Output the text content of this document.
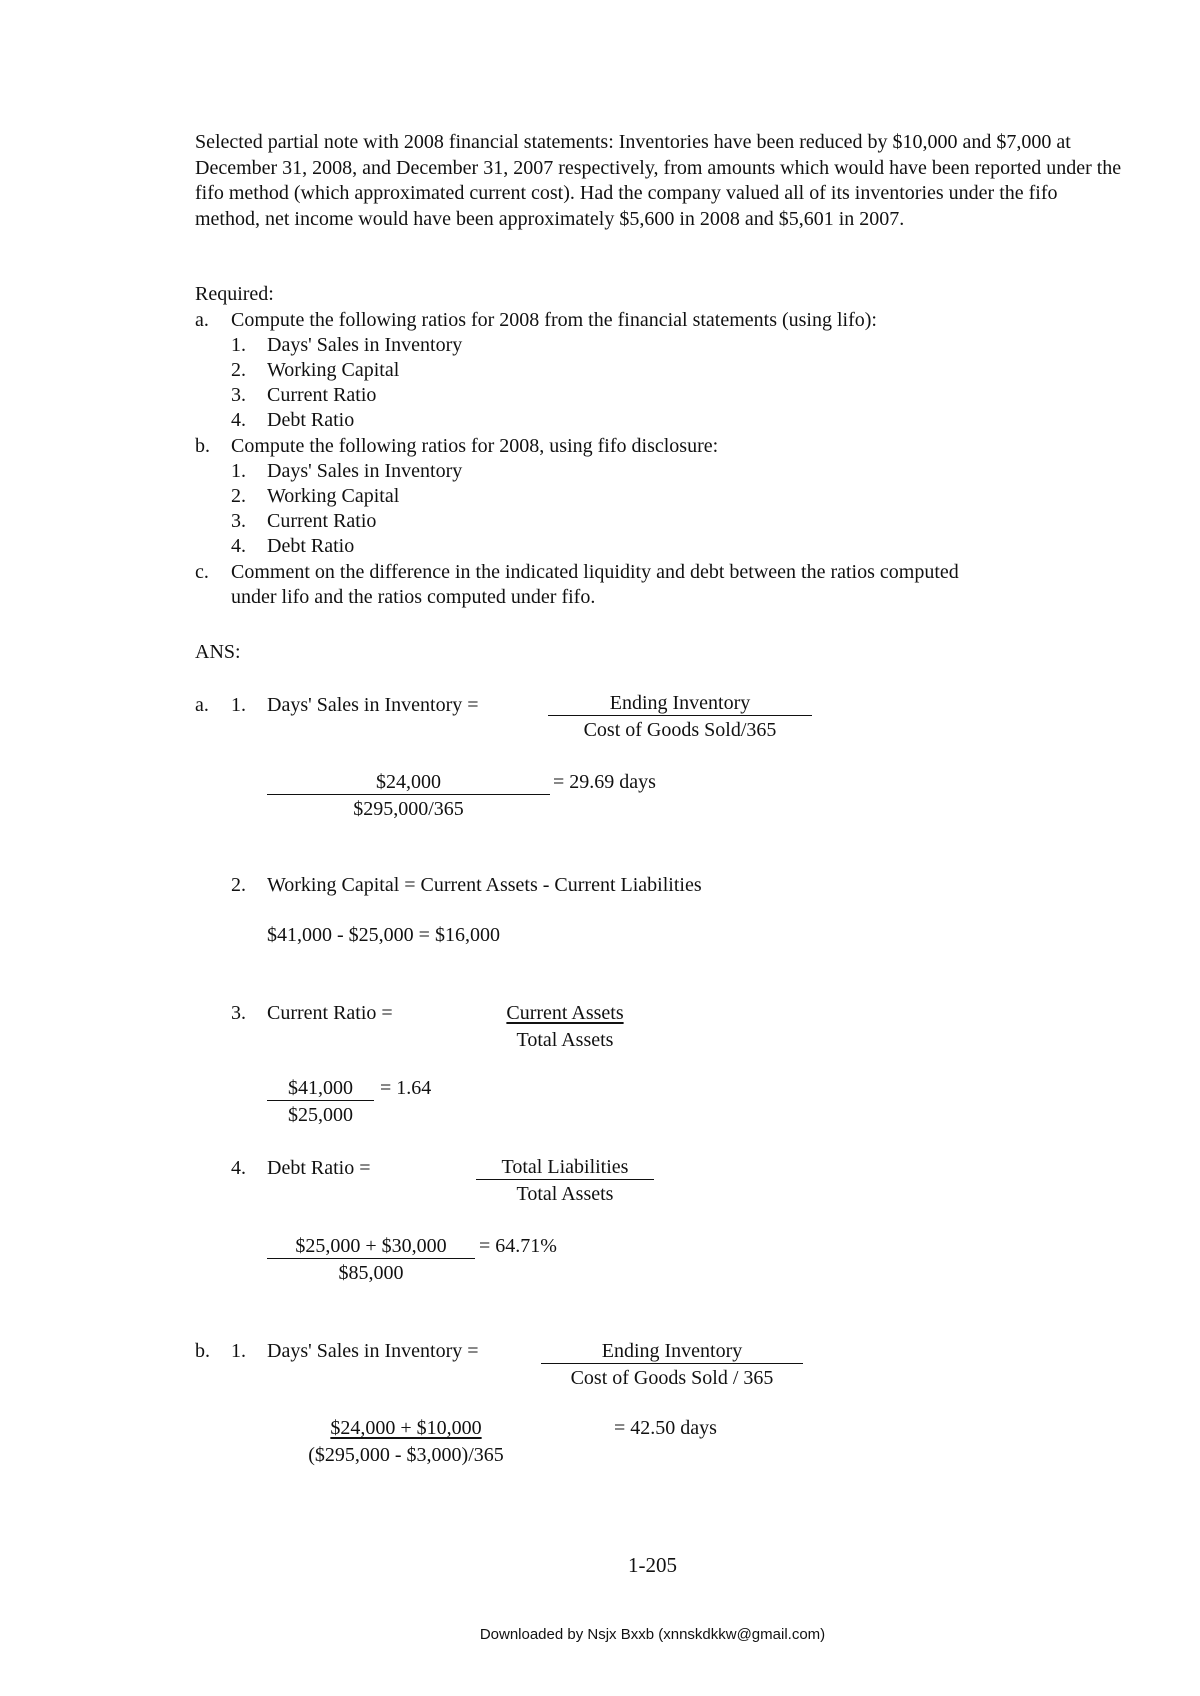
Selected partial note with 2008 financial statements: Inventories have been reduced by $10,000 and $7,000 at December 31, 2008, and December 31, 2007 respectively, from amounts which would have been reported under the fifo method (which approximated current cost). Had the company valued all of its inventories under the fifo method, net income would have been approximately $5,600 in 2008 and $5,601 in 2007.
Required:
a. Compute the following ratios for 2008 from the financial statements (using lifo):
1. Days' Sales in Inventory
2. Working Capital
3. Current Ratio
4. Debt Ratio
b. Compute the following ratios for 2008, using fifo disclosure:
1. Days' Sales in Inventory
2. Working Capital
3. Current Ratio
4. Debt Ratio
c. Comment on the difference in the indicated liquidity and debt between the ratios computed
under lifo and the ratios computed under fifo.
ANS:
a. 1. Days' Sales in Inventory =	Ending Inventory
Cost of Goods Sold/365
$24,000
$295,000/365
= 29.69 days
2. Working Capital = Current Assets - Current Liabilities
$41,000 - $25,000 = $16,000
3. Current Ratio =	Current Assets
Total Assets
$41,000
$25,000
= 1.64
4. Debt Ratio =	Total Liabilities
Total Assets
$25,000 + $30,000
$85,000
= 64.71%
b. 1. Days' Sales in Inventory =	Ending Inventory
Cost of Goods Sold / 365
$24,000 + $10,000
($295,000 - $3,000)/365
= 42.50 days
1-205
Downloaded by Nsjx Bxxb (xnnskdkkw@gmail.com)
